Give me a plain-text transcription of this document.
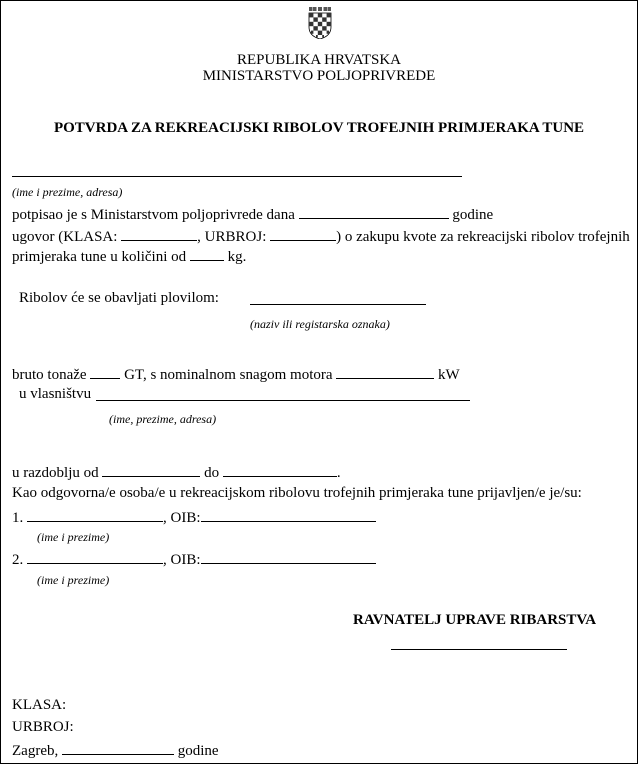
REPUBLIKA HRVATSKA
MINISTARSTVO POLJOPRIVREDE
POTVRDA ZA REKREACIJSKI RIBOLOV TROFEJNIH PRIMJERAKA TUNE
(ime i prezime, adresa)
potpisao je s Ministarstvom poljoprivrede dana	godine
ugovor (KLASA:	, URBROJ:	) o zakupu kvote za rekreacijski ribolov trofejnih
primjeraka tune u količini od	kg.
Ribolov će se obavljati plovilom:
(naziv ili registarska oznaka)
bruto tonaže	GT, s nominalnom snagom motora	kW
u vlasništvu
(ime, prezime, adresa)
u razdoblju od	do	.
Kao odgovorna/e osoba/e u rekreacijskom ribolovu trofejnih primjeraka tune prijavljen/e je/su:
1.	, OIB:
(ime i prezime)
2.	, OIB:
(ime i prezime)
RAVNATELJ UPRAVE RIBARSTVA
KLASA:
URBROJ:
Zagreb,	godine
